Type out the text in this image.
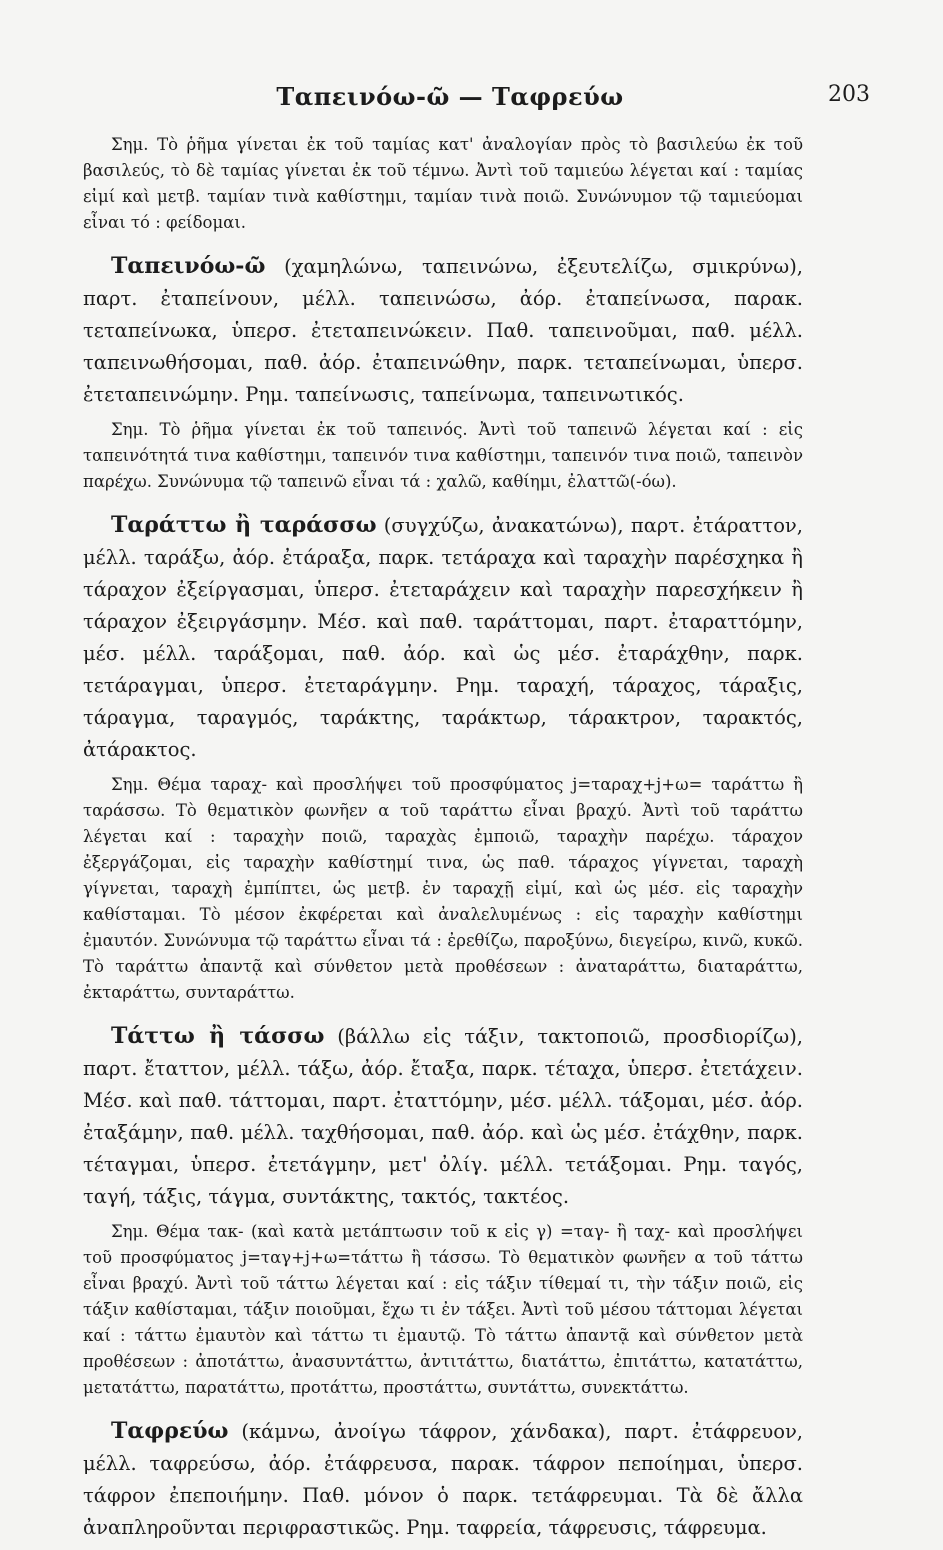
Ταπεινόω-ῶ — Ταφρεύω	203

Σημ. Τὸ ῥῆμα γίνεται ἐκ τοῦ ταμίας κατ' ἀναλογίαν πρὸς τὸ βασιλεύω ἐκ τοῦ βασιλεύς, τὸ δὲ ταμίας γίνεται ἐκ τοῦ τέμνω. Ἀντὶ τοῦ ταμιεύω λέγεται καί : ταμίας εἰμί καὶ μετβ. ταμίαν τινὰ καθίστημι, ταμίαν τινὰ ποιῶ. Συνώνυμον τῷ ταμιεύομαι εἶναι τό : φείδομαι.

Ταπεινόω-ῶ (χαμηλώνω, ταπεινώνω, ἐξευτελίζω, σμικρύνω), παρτ. ἐταπείνουν, μέλλ. ταπεινώσω, ἀόρ. ἐταπείνωσα, παρακ. τεταπείνωκα, ὑπερσ. ἐτεταπεινώκειν. Παθ. ταπεινοῦμαι, παθ. μέλλ. ταπεινωθήσομαι, παθ. ἀόρ. ἐταπεινώθην, παρκ. τεταπείνωμαι, ὑπερσ. ἐτεταπεινώμην. Ρημ. ταπείνωσις, ταπείνωμα, ταπεινωτικός.

Σημ. Τὸ ῥῆμα γίνεται ἐκ τοῦ ταπεινός. Ἀντὶ τοῦ ταπεινῶ λέγεται καί : εἰς ταπεινότητά τινα καθίστημι, ταπεινόν τινα καθίστημι, ταπεινόν τινα ποιῶ, ταπεινὸν παρέχω. Συνώνυμα τῷ ταπεινῶ εἶναι τά : χαλῶ, καθίημι, ἐλαττῶ(-όω).

Ταράττω ἢ ταράσσω (συγχύζω, ἀνακατώνω), παρτ. ἐτάραττον, μέλλ. ταράξω, ἀόρ. ἐτάραξα, παρκ. τετάραχα καὶ ταραχὴν παρέσχηκα ἢ τάραχον ἐξείργασμαι, ὑπερσ. ἐτεταράχειν καὶ ταραχὴν παρεσχήκειν ἢ τάραχον ἐξειργάσμην. Μέσ. καὶ παθ. ταράττομαι, παρτ. ἐταραττόμην, μέσ. μέλλ. ταράξομαι, παθ. ἀόρ. καὶ ὡς μέσ. ἐταράχθην, παρκ. τετάραγμαι, ὑπερσ. ἐτεταράγμην. Ρημ. ταραχή, τάραχος, τάραξις, τάραγμα, ταραγμός, ταράκτης, ταράκτωρ, τάρακτρον, ταρακτός, ἀτάρακτος.

Σημ. Θέμα ταραχ- καὶ προσλήψει τοῦ προσφύματος j=ταραχ+j+ω= ταράττω ἢ ταράσσω. Τὸ θεματικὸν φωνῆεν α τοῦ ταράττω εἶναι βραχύ. Ἀντὶ τοῦ ταράττω λέγεται καί : ταραχὴν ποιῶ, ταραχὰς ἐμποιῶ, ταραχὴν παρέχω. τάραχον ἐξεργάζομαι, εἰς ταραχὴν καθίστημί τινα, ὡς παθ. τάραχος γίγνεται, ταραχὴ γίγνεται, ταραχὴ ἐμπίπτει, ὡς μετβ. ἐν ταραχῇ εἰμί, καὶ ὡς μέσ. εἰς ταραχὴν καθίσταμαι. Τὸ μέσον ἐκφέρεται καὶ ἀναλελυμένως : εἰς ταραχὴν καθίστημι ἐμαυτόν. Συνώνυμα τῷ ταράττω εἶναι τά : ἐρεθίζω, παροξύνω, διεγείρω, κινῶ, κυκῶ. Τὸ ταράττω ἀπαντᾷ καὶ σύνθετον μετὰ προθέσεων : ἀναταράττω, διαταράττω, ἐκταράττω, συνταράττω.

Τάττω ἢ τάσσω (βάλλω εἰς τάξιν, τακτοποιῶ, προσδιορίζω), παρτ. ἔταττον, μέλλ. τάξω, ἀόρ. ἔταξα, παρκ. τέταχα, ὑπερσ. ἐτετάχειν. Μέσ. καὶ παθ. τάττομαι, παρτ. ἐταττόμην, μέσ. μέλλ. τάξομαι, μέσ. ἀόρ. ἐταξάμην, παθ. μέλλ. ταχθήσομαι, παθ. ἀόρ. καὶ ὡς μέσ. ἐτάχθην, παρκ. τέταγμαι, ὑπερσ. ἐτετάγμην, μετ' ὀλίγ. μέλλ. τετάξομαι. Ρημ. ταγός, ταγή, τάξις, τάγμα, συντάκτης, τακτός, τακτέος.

Σημ. Θέμα τακ- (καὶ κατὰ μετάπτωσιν τοῦ κ εἰς γ) =ταγ- ἢ ταχ- καὶ προσλήψει τοῦ προσφύματος j=ταγ+j+ω=τάττω ἢ τάσσω. Τὸ θεματικὸν φωνῆεν α τοῦ τάττω εἶναι βραχύ. Ἀντὶ τοῦ τάττω λέγεται καί : εἰς τάξιν τίθεμαί τι, τὴν τάξιν ποιῶ, εἰς τάξιν καθίσταμαι, τάξιν ποιοῦμαι, ἔχω τι ἐν τάξει. Ἀντὶ τοῦ μέσου τάττομαι λέγεται καί : τάττω ἐμαυτὸν καὶ τάττω τι ἐμαυτῷ. Τὸ τάττω ἀπαντᾷ καὶ σύνθετον μετὰ προθέσεων : ἀποτάττω, ἀνασυντάττω, ἀντιτάττω, διατάττω, ἐπιτάττω, κατατάττω, μετατάττω, παρατάττω, προτάττω, προστάττω, συντάττω, συνεκτάττω.

Ταφρεύω (κάμνω, ἀνοίγω τάφρον, χάνδακα), παρτ. ἐτάφρευον, μέλλ. ταφρεύσω, ἀόρ. ἐτάφρευσα, παρακ. τάφρον πεποίημαι, ὑπερσ. τάφρον ἐπεποιήμην. Παθ. μόνον ὁ παρκ. τετάφρευμαι. Τὰ δὲ ἄλλα ἀναπληροῦνται περιφραστικῶς. Ρημ. ταφρεία, τάφρευσις, τάφρευμα.
